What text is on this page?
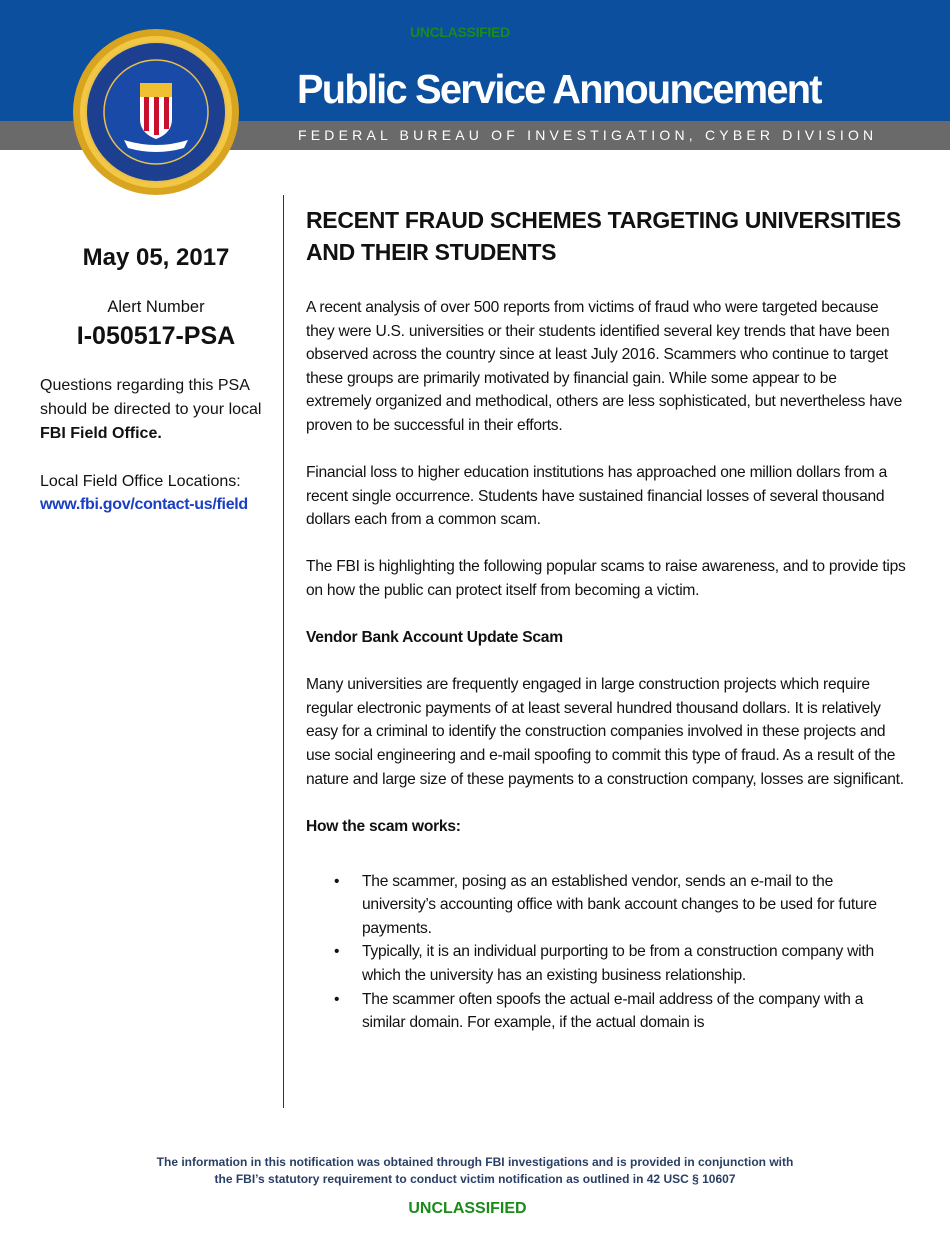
UNCLASSIFIED
Public Service Announcement
FEDERAL BUREAU OF INVESTIGATION, CYBER DIVISION
May 05, 2017
Alert Number
I-050517-PSA
Questions regarding this PSA should be directed to your local FBI Field Office.
Local Field Office Locations:
www.fbi.gov/contact-us/field
RECENT FRAUD SCHEMES TARGETING UNIVERSITIES AND THEIR STUDENTS

A recent analysis of over 500 reports from victims of fraud who were targeted because they were U.S. universities or their students identified several key trends that have been observed across the country since at least July 2016. Scammers who continue to target these groups are primarily motivated by financial gain. While some appear to be extremely organized and methodical, others are less sophisticated, but nevertheless have proven to be successful in their efforts.

Financial loss to higher education institutions has approached one million dollars from a recent single occurrence. Students have sustained financial losses of several thousand dollars each from a common scam.

The FBI is highlighting the following popular scams to raise awareness, and to provide tips on how the public can protect itself from becoming a victim.

Vendor Bank Account Update Scam

Many universities are frequently engaged in large construction projects which require regular electronic payments of at least several hundred thousand dollars. It is relatively easy for a criminal to identify the construction companies involved in these projects and use social engineering and e-mail spoofing to commit this type of fraud. As a result of the nature and large size of these payments to a construction company, losses are significant.

How the scam works:

• The scammer, posing as an established vendor, sends an e-mail to the university’s accounting office with bank account changes to be used for future payments.
• Typically, it is an individual purporting to be from a construction company with which the university has an existing business relationship.
• The scammer often spoofs the actual e-mail address of the company with a similar domain. For example, if the actual domain is
The information in this notification was obtained through FBI investigations and is provided in conjunction with
the FBI’s statutory requirement to conduct victim notification as outlined in 42 USC § 10607
UNCLASSIFIED
